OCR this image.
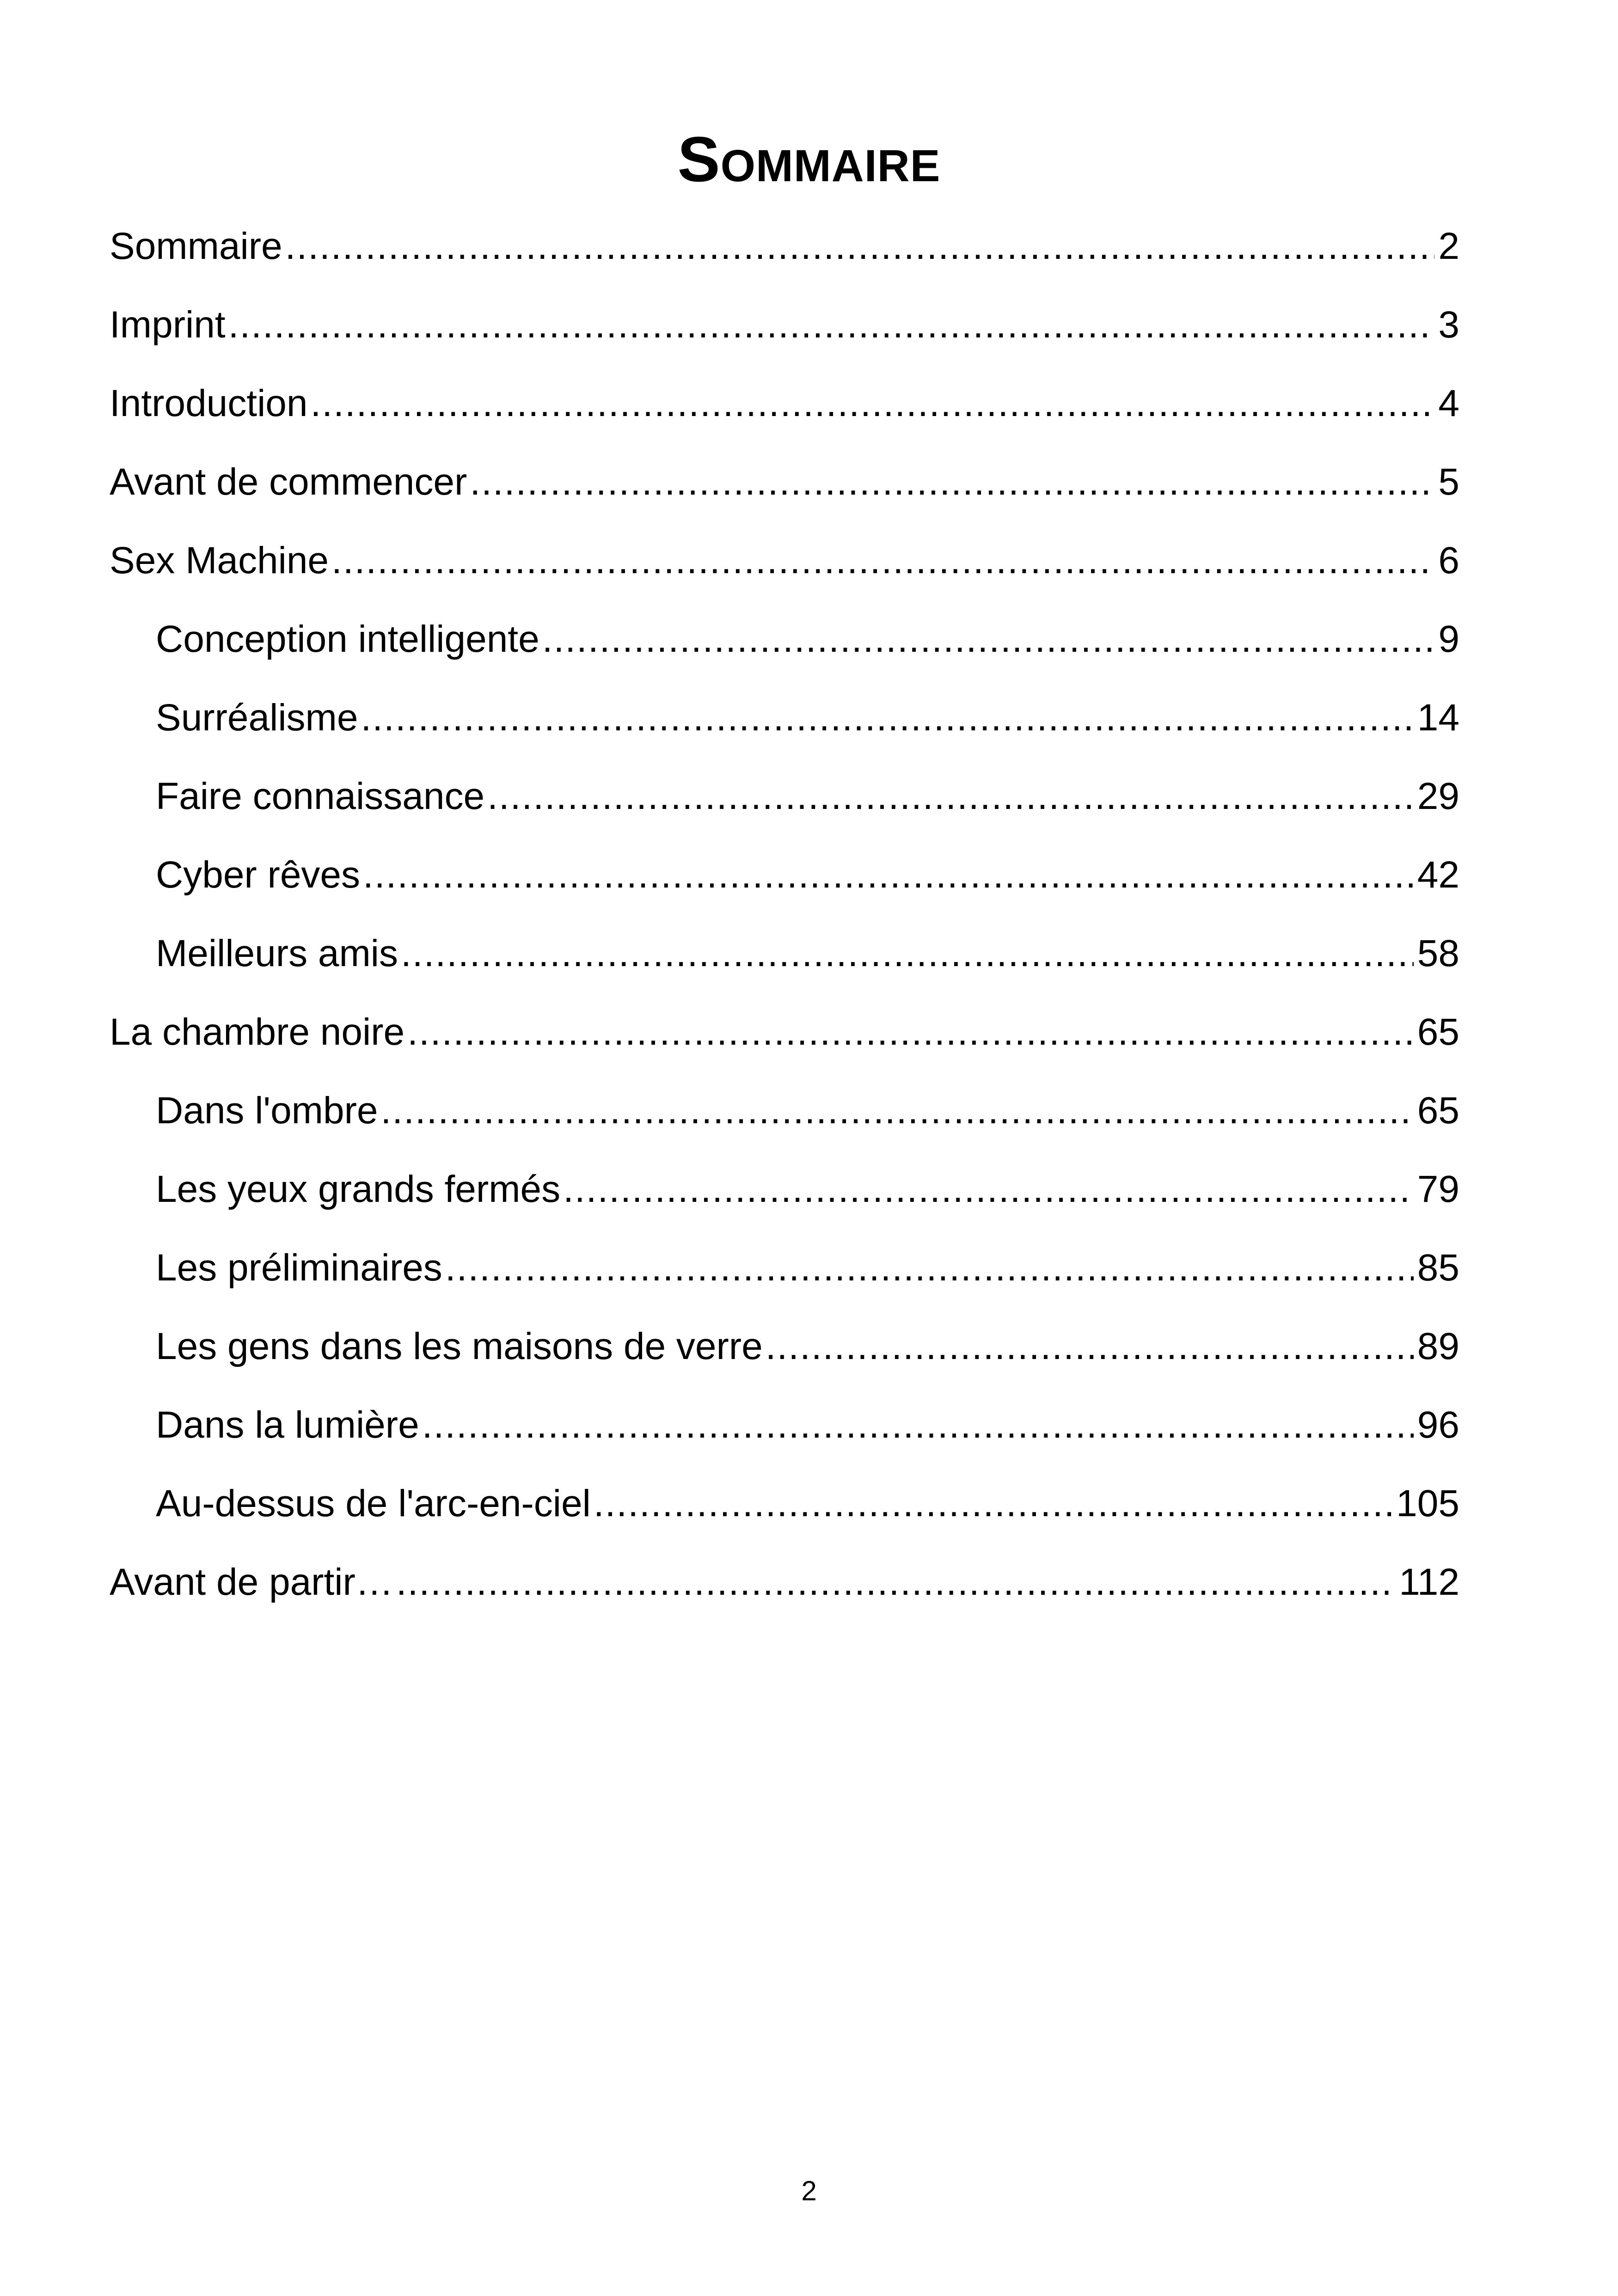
Sommaire
Sommaire .....	2
Imprint .....	3
Introduction .....	4
Avant de commencer .....	5
Sex Machine .....	6
Conception intelligente .....	9
Surréalisme .....	14
Faire connaissance .....	29
Cyber rêves .....	42
Meilleurs amis .....	58
La chambre noire .....	65
Dans l'ombre .....	65
Les yeux grands fermés .....	79
Les préliminaires .....	85
Les gens dans les maisons de verre .....	89
Dans la lumière .....	96
Au-dessus de l'arc-en-ciel .....	105
Avant de partir… .....	112
2
